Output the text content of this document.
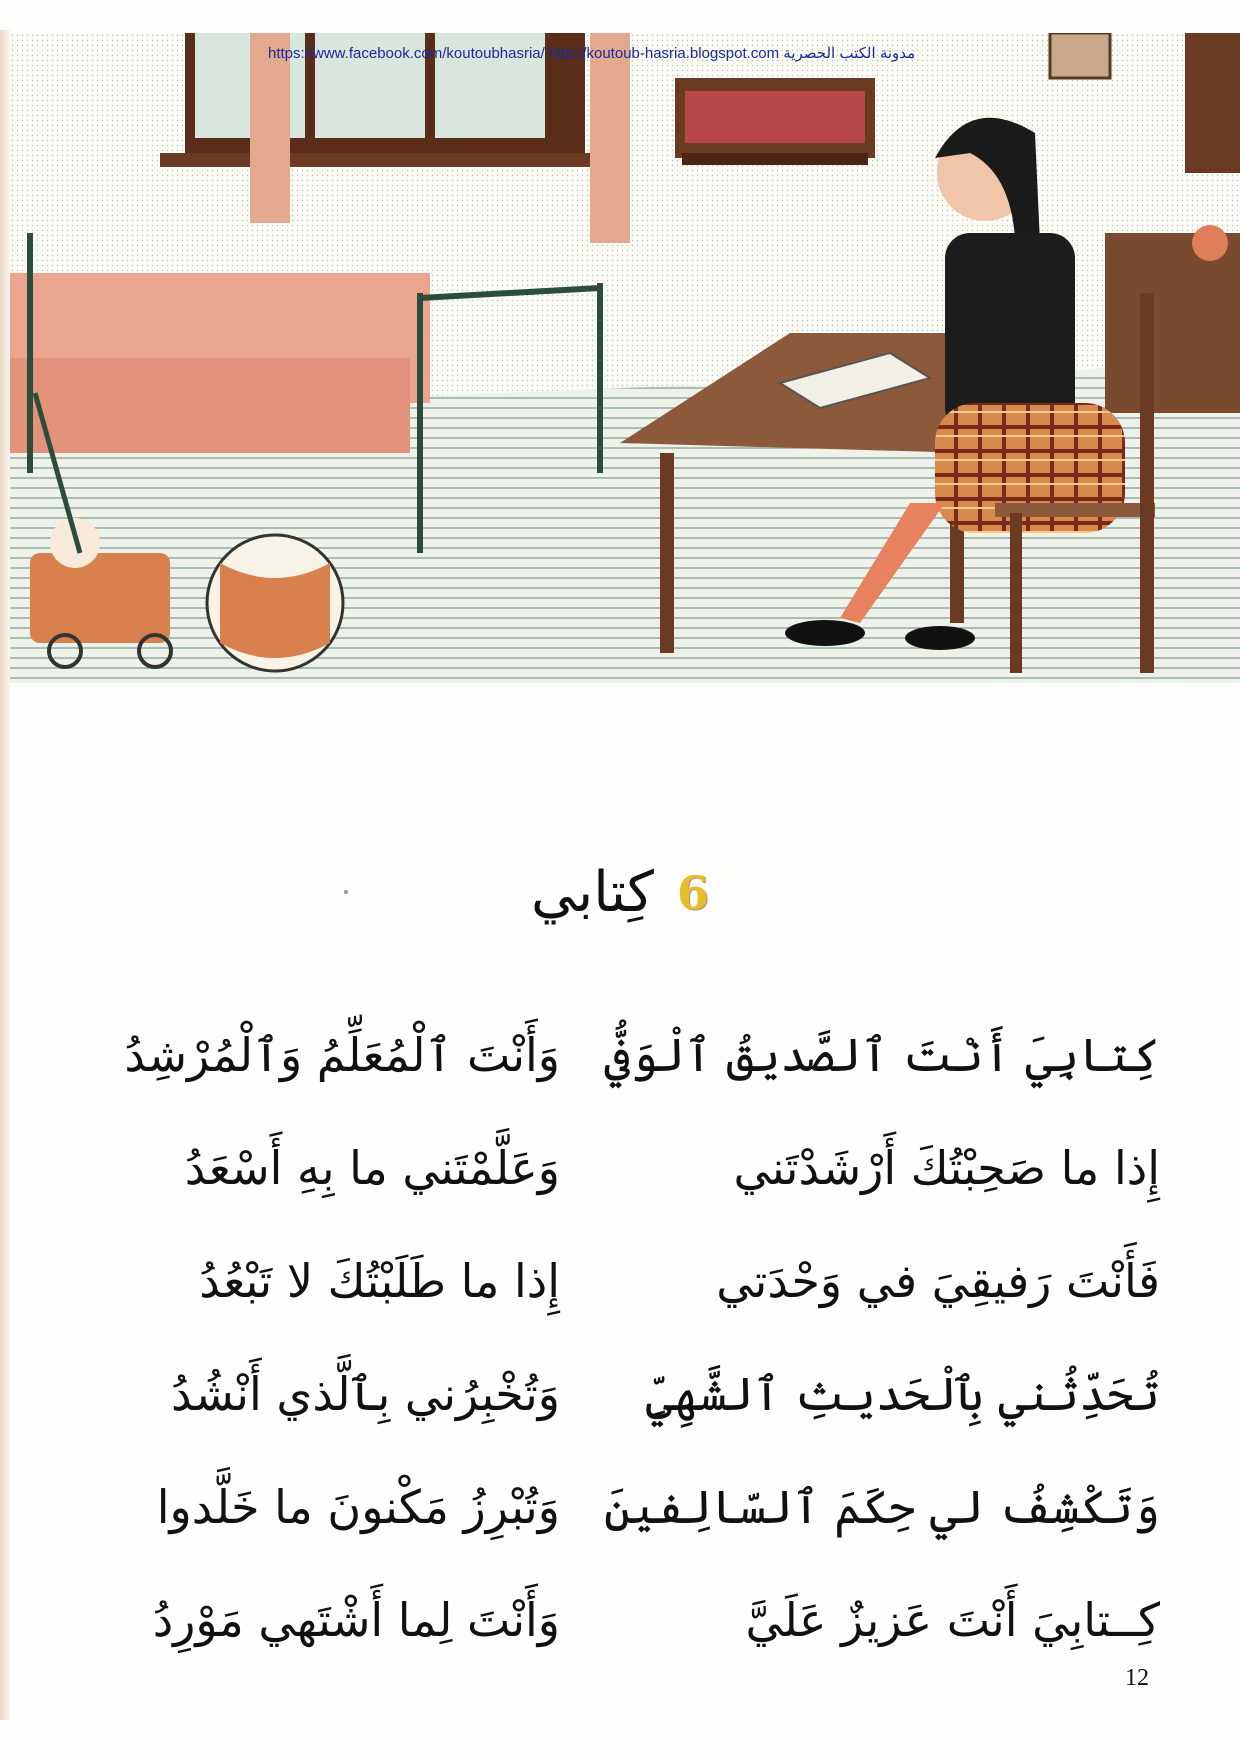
https://www.facebook.com/koutoubhasria/ http://koutoub-hasria.blogspot.com مدونة الكتب الحصرية
6 كِتابي
كِتابِيَ أَنْتَ ٱلصَّديقُ ٱلْوَفيُّ
إِذا ما صَحِبْتُكَ أَرْشَدْتَني
فَأَنْتَ رَفيقِيَ في وَحْدَتي
تُحَدِّثُني بِٱلْحَديثِ ٱلشَّهِيِّ
وَتَكْشِفُ لي حِكَمَ ٱلسّالِفينَ
كِــتابِيَ أَنْتَ عَزيزٌ عَلَيَّ
وَأَنْتَ ٱلْمُعَلِّمُ وَٱلْمُرْشِدُ
وَعَلَّمْتَني ما بِهِ أَسْعَدُ
إِذا ما طَلَبْتُكَ لا تَبْعُدُ
وَتُخْبِرُني بِٱلَّذي أَنْشُدُ
وَتُبْرِزُ مَكْنونَ ما خَلَّدوا
وَأَنْتَ لِما أَشْتَهي مَوْرِدُ
12
